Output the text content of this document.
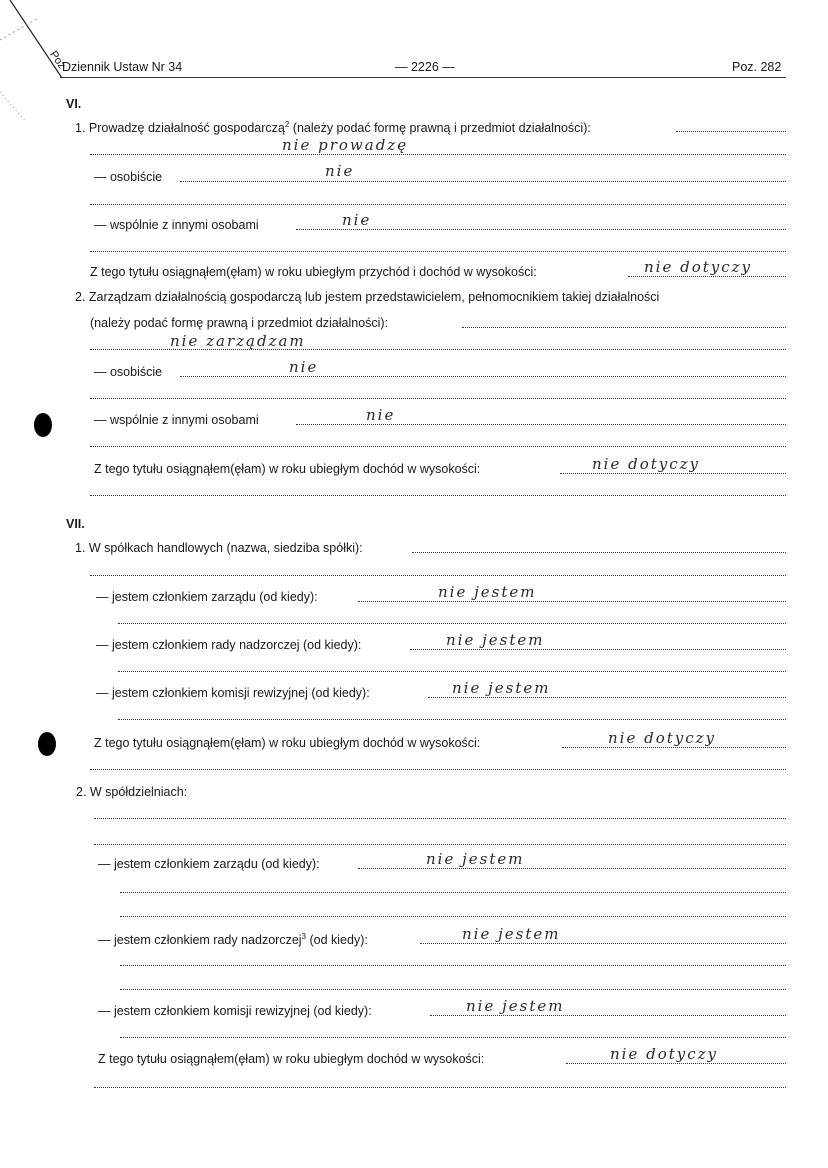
Poz
Dziennik Ustaw Nr 34	— 2226 —	Poz. 282
VI.
1. Prowadzę działalność gospodarczą$^2$ (należy podać formę prawną i przedmiot działalności):
nie prowadzę
— osobiście	nie
— wspólnie z innymi osobami	nie
Z tego tytułu osiągnąłem(ęłam) w roku ubiegłym przychód i dochód w wysokości:	nie dotyczy
2. Zarządzam działalnością gospodarczą lub jestem przedstawicielem, pełnomocnikiem takiej działalności
(należy podać formę prawną i przedmiot działalności):
nie zarządzam
— osobiście	nie
— wspólnie z innymi osobami	nie
Z tego tytułu osiągnąłem(ęłam) w roku ubiegłym dochód w wysokości:	nie dotyczy
VII.
1. W spółkach handlowych (nazwa, siedziba spółki):
— jestem członkiem zarządu (od kiedy):	nie jestem
— jestem członkiem rady nadzorczej (od kiedy):	nie jestem
— jestem członkiem komisji rewizyjnej (od kiedy):	nie jestem
Z tego tytułu osiągnąłem(ęłam) w roku ubiegłym dochód w wysokości:	nie dotyczy
2. W spółdzielniach:
— jestem członkiem zarządu (od kiedy):	nie jestem
— jestem członkiem rady nadzorczej$^3$ (od kiedy):	nie jestem
— jestem członkiem komisji rewizyjnej (od kiedy):	nie jestem
Z tego tytułu osiągnąłem(ęłam) w roku ubiegłym dochód w wysokości:	nie dotyczy
